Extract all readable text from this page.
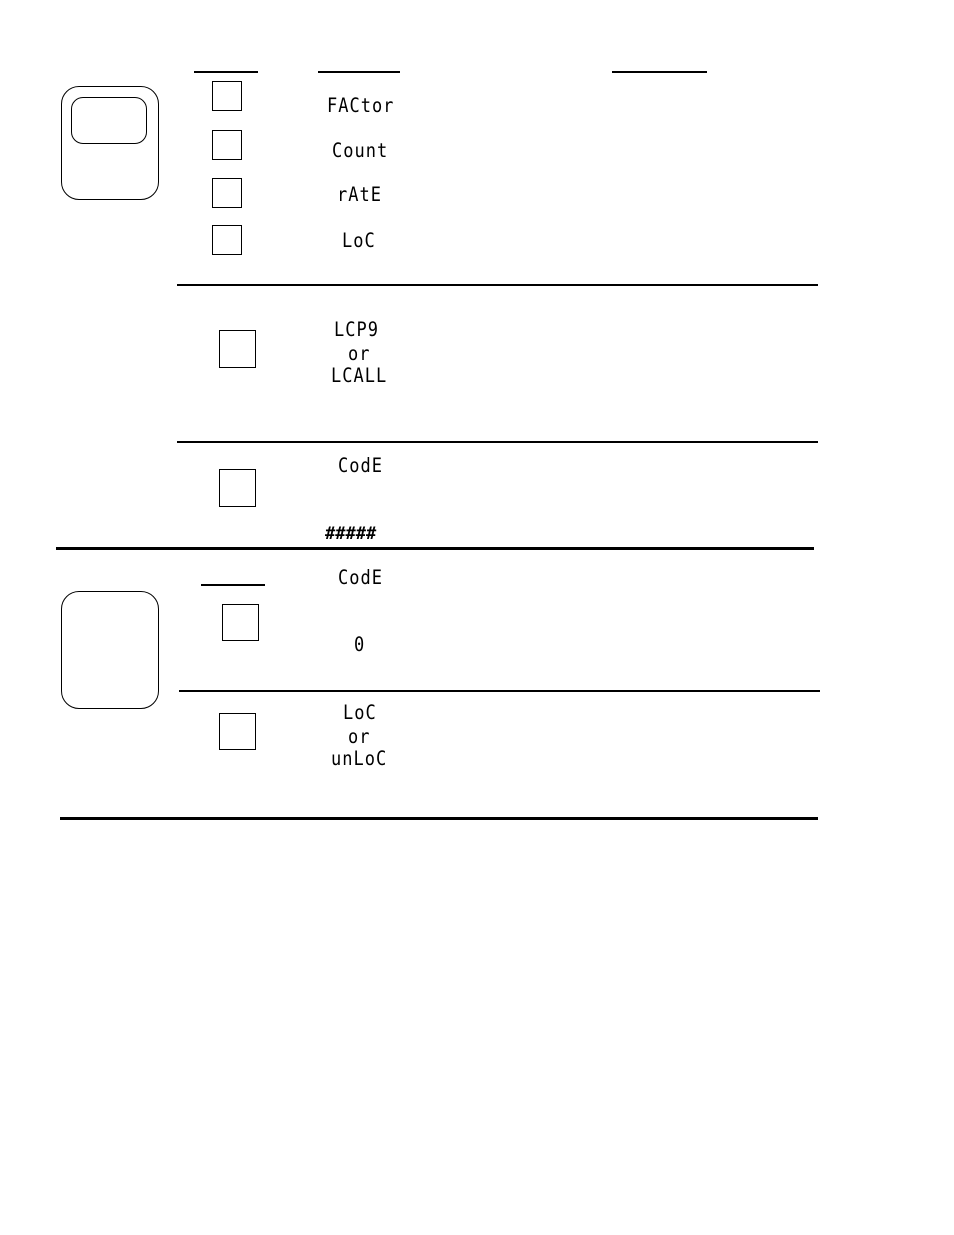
FACtor
Count
rAtE
LoC
LCP9
or
LCALL
CodE
#####
CodE
0
LoC
or
unLoC
